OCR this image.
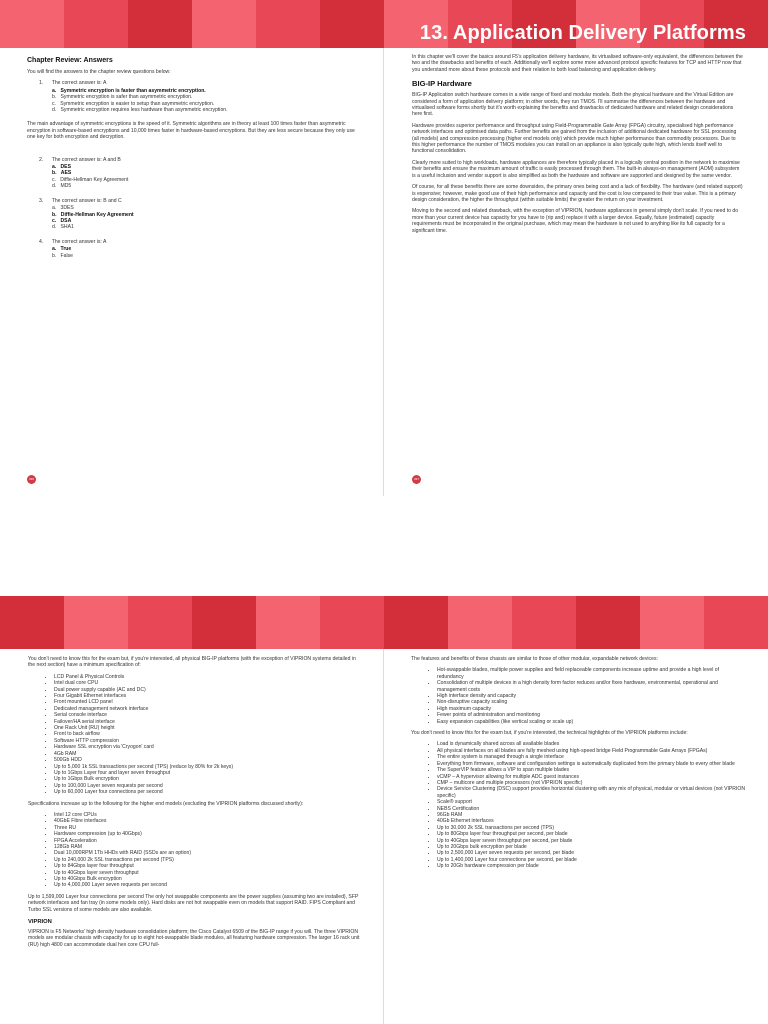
13. Application Delivery Platforms
Chapter Review: Answers

You will find the answers to the chapter review questions below:

1.      The correct answer is: A
a. Symmetric encryption is faster than asymmetric encryption.
b. Symmetric encryption is safer than asymmetric encryption.
c. Symmetric encryption is easier to setup than asymmetric encryption.
d. Symmetric encryption requires less hardware than asymmetric encryption.

The main advantage of symmetric encryptions is the speed of it. Symmetric algorithms are in theory at least 100 times faster than asymmetric encryption in software-based encryptions and 10,000 times faster in hardware-based encryptions. But they are less secure because they only use one key for both encryption and decryption.

2.      The correct answer is: A and B
a. DES
b. AES
c. Diffie-Hellman Key Agreement
d. MD5
3.      The correct answer is: B and C
a. 3DES
b. Diffie-Hellman Key Agreement
c. DSA
d. SHA1
4.      The correct answer is: A
a. True
b. False
336

In this chapter we'll cover the basics around F5's application delivery hardware, its virtualised software-only equivalent, the differences between the two and the drawbacks and benefits of each. Additionally we'll explore some more advanced protocol specific features for TCP and HTTP now that you understand more about these protocols and their relation to both load balancing and application delivery.

BIG-IP Hardware

BIG-IP Application switch hardware comes in a wide range of fixed and modular models. Both the physical hardware and the Virtual Edition are considered a form of application delivery platform; in other words, they run TMOS. I'll summarise the differences between the hardware and virtualised software forms shortly but it's worth explaining the benefits and drawbacks of dedicated hardware and related design considerations here first.

Hardware provides superior performance and throughput using Field-Programmable Gate Array (FPGA) circuitry, specialised high performance network interfaces and optimised data paths. Further benefits are gained from the inclusion of additional dedicated hardware for SSL processing (all models) and compression processing (higher end models only) which provide much higher performance than commodity processors. Due to this higher performance the number of TMOS modules you can install on an appliance is also typically quite high, which lends itself well to functional consolidation.

Clearly more suited to high workloads, hardware appliances are therefore typically placed in a logically central position in the network to maximise their benefits and ensure the maximum amount of traffic is easily processed through them. The built-in always-on management (AOM) subsystem is a useful inclusion and vendor support is also simplified as both the hardware and software are supported and designed by the same vendor.

Of course, for all these benefits there are some downsides, the primary ones being cost and a lack of flexibility. The hardware (and related support) is expensive; however, make good use of their high performance and capacity and the cost is low compared to their true value. This is a primary design consideration, the higher the throughput (within suitable limits) the greater the return on your investment.

Moving to the second and related drawback, with the exception of VIPRION, hardware appliances in general simply don't scale. If you need to do more than your current device has capacity for you have to (rip and) replace it with a larger device. Equally, future (estimated) capacity requirements must be incorporated in the original purchase, which may mean the hardware is not used to anything like its full capacity for a significant time.

337

You don't need to know this for the exam but, if you're interested, all physical BIG-IP platforms (with the exception of VIPRION systems detailed in the next section) have a minimum specification of:

• LCD Panel & Physical Controls
• Intel dual core CPU
• Dual power supply capable (AC and DC)
• Four Gigabit Ethernet interfaces
• Front mounted LCD panel
• Dedicated management network interface
• Serial console interface
• Failover/HA serial interface
• One Rack Unit (RU) height
• Front to back airflow
• Software HTTP compression
• Hardware SSL encryption via 'Cryogon' card
• 4Gb RAM
• 500Gb HDD
• Up to 5,000 1k SSL transactions per second (TPS) (reduce by 80% for 2k keys)
• Up to 1Gbps Layer four and layer seven throughput
• Up to 1Gbps Bulk encryption
• Up to 100,000 Layer seven requests per second
• Up to 60,000 Layer four connections per second

Specifications increase up to the following for the higher end models (excluding the VIPRION platforms discussed shortly):

• Intel 12 core CPUs
• 40GbE Fibre interfaces
• Three RU
• Hardware compression (up to 40Gbps)
• FPGA Acceleration
• 128Gb RAM
• Dual 10,000RPM 1Tb HHDs with RAID (SSDs are an option)
• Up to 240,000 2k SSL transactions per second (TPS)
• Up to 84Gbps layer four throughput
• Up to 40Gbps layer seven throughput
• Up to 40Gbps Bulk encryption
• Up to 4,000,000 Layer seven requests per second

Up to 1,599,000 Layer four connections per second The only hot swappable components are the power supplies (assuming two are installed), SFP network interfaces and fan tray (in some models only). Hard disks are not hot swappable even on models that support RAID. FIPS Compliant and Turbo SSL versions of some models are also available.

VIPRION

VIPRION is F5 Networks' high density hardware consolidation platform; the Cisco Catalyst 6509 of the BIG-IP range if you will. The three VIPRION models are modular chassis with capacity for up to eight hot-swappable blade modules, all featuring hardware compression. The larger 16 rack unit (RU) high 4800 can accommodate dual hex core CPU full-

The features and benefits of these chassis are similar to those of other modular, expandable network devices:

• Hot-swappable blades, multiple power supplies and field replaceable components increase uptime and provide a high level of redundancy
• Consolidation of multiple devices in a high density form factor reduces and/or fixes hardware, environmental, operational and management costs
• High interface density and capacity
• Non-disruptive capacity scaling
• High maximum capacity
• Fewer points of administration and monitoring
• Easy expansion capabilities (like vertical scaling or scale up)

You don't need to know this for the exam but, if you're interested, the technical highlights of the VIPRION platforms include:

• Load is dynamically shared across all available blades
• All physical interfaces on all blades are fully meshed using high-speed bridge Field Programmable Gate Arrays (FPGAs)
• The entire system is managed through a single interface
• Everything from firmware, software and configuration settings is automatically duplicated from the primary blade to every other blade
• The SuperVIP feature allows a VIP to span multiple blades
• vCMP – A hypervisor allowing for multiple ADC guest instances
• CMP – multicore and multiple processors (not VIPRION specific)
• Device Service Clustering (DSC) support provides horizontal clustering with any mix of physical, modular or virtual devices (not VIPRION specific)
• Scale® support
• NEBS Certification
• 96Gb RAM
• 40Gb Ethernet interfaces
• Up to 30,000 2k SSL transactions per second (TPS)
• Up to 80Gbps layer four throughput per second, per blade
• Up to 40Gbps layer seven throughput per second, per blade
• Up to 20Gbps bulk encryption per blade
• Up to 2,500,000 Layer seven requests per second, per blade
• Up to 1,400,000 Layer four connections per second, per blade
• Up to 20Gb hardware compression per blade
